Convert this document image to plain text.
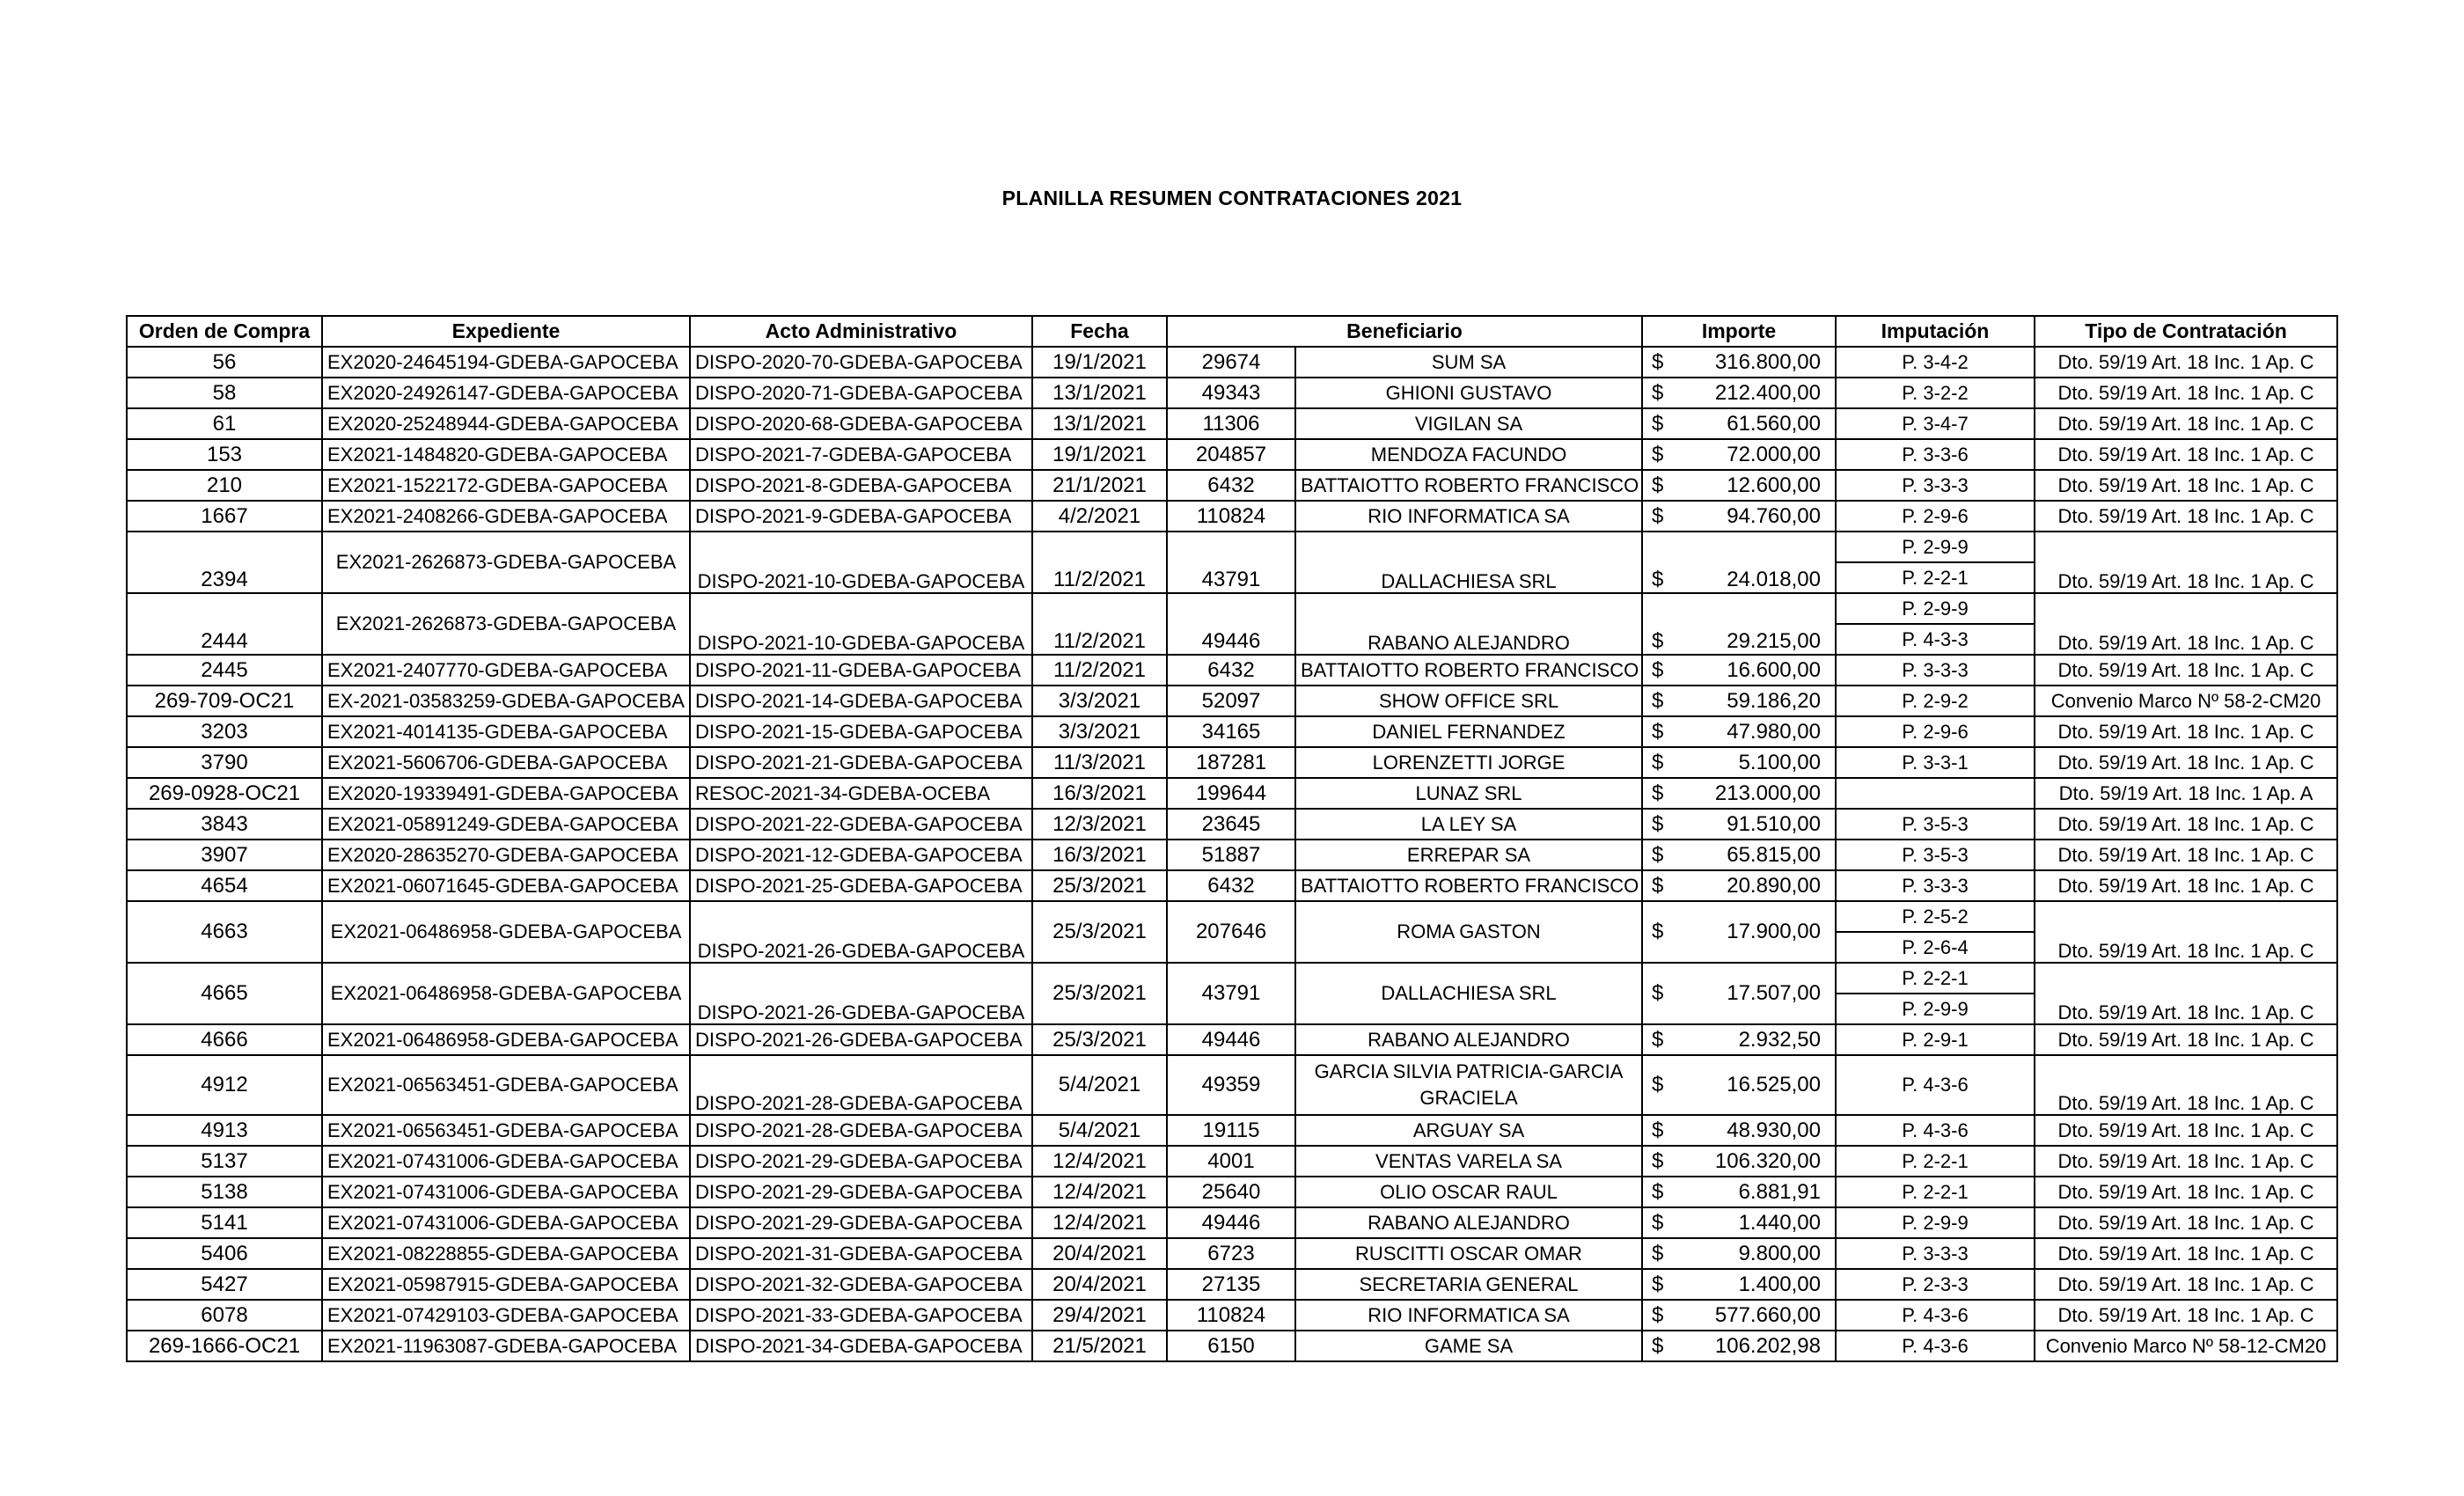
PLANILLA RESUMEN CONTRATACIONES 2021
Orden de Compra	Expediente	Acto Administrativo	Fecha	Beneficiario		Importe		Imputación	Tipo de Contratación
56	EX2020-24645194-GDEBA-GAPOCEBA	DISPO-2020-70-GDEBA-GAPOCEBA	19/1/2021	29674	SUM SA	$	316.800,00	P. 3-4-2	Dto. 59/19 Art. 18 Inc. 1 Ap. C
58	EX2020-24926147-GDEBA-GAPOCEBA	DISPO-2020-71-GDEBA-GAPOCEBA	13/1/2021	49343	GHIONI GUSTAVO	$	212.400,00	P. 3-2-2	Dto. 59/19 Art. 18 Inc. 1 Ap. C
61	EX2020-25248944-GDEBA-GAPOCEBA	DISPO-2020-68-GDEBA-GAPOCEBA	13/1/2021	11306	VIGILAN SA	$	61.560,00	P. 3-4-7	Dto. 59/19 Art. 18 Inc. 1 Ap. C
153	EX2021-1484820-GDEBA-GAPOCEBA	DISPO-2021-7-GDEBA-GAPOCEBA	19/1/2021	204857	MENDOZA FACUNDO	$	72.000,00	P. 3-3-6	Dto. 59/19 Art. 18 Inc. 1 Ap. C
210	EX2021-1522172-GDEBA-GAPOCEBA	DISPO-2021-8-GDEBA-GAPOCEBA	21/1/2021	6432	BATTAIOTTO ROBERTO FRANCISCO	$	12.600,00	P. 3-3-3	Dto. 59/19 Art. 18 Inc. 1 Ap. C
1667	EX2021-2408266-GDEBA-GAPOCEBA	DISPO-2021-9-GDEBA-GAPOCEBA	4/2/2021	110824	RIO INFORMATICA SA	$	94.760,00	P. 2-9-6	Dto. 59/19 Art. 18 Inc. 1 Ap. C
2394	EX2021-2626873-GDEBA-GAPOCEBA	DISPO-2021-10-GDEBA-GAPOCEBA	11/2/2021	43791	DALLACHIESA SRL	$	24.018,00	P. 2-9-9	Dto. 59/19 Art. 18 Inc. 1 Ap. C
								P. 2-2-1	
2444	EX2021-2626873-GDEBA-GAPOCEBA	DISPO-2021-10-GDEBA-GAPOCEBA	11/2/2021	49446	RABANO ALEJANDRO	$	29.215,00	P. 2-9-9	Dto. 59/19 Art. 18 Inc. 1 Ap. C
								P. 4-3-3	
2445	EX2021-2407770-GDEBA-GAPOCEBA	DISPO-2021-11-GDEBA-GAPOCEBA	11/2/2021	6432	BATTAIOTTO ROBERTO FRANCISCO	$	16.600,00	P. 3-3-3	Dto. 59/19 Art. 18 Inc. 1 Ap. C
269-709-OC21	EX-2021-03583259-GDEBA-GAPOCEBA	DISPO-2021-14-GDEBA-GAPOCEBA	3/3/2021	52097	SHOW OFFICE SRL	$	59.186,20	P. 2-9-2	Convenio Marco Nº 58-2-CM20
3203	EX2021-4014135-GDEBA-GAPOCEBA	DISPO-2021-15-GDEBA-GAPOCEBA	3/3/2021	34165	DANIEL FERNANDEZ	$	47.980,00	P. 2-9-6	Dto. 59/19 Art. 18 Inc. 1 Ap. C
3790	EX2021-5606706-GDEBA-GAPOCEBA	DISPO-2021-21-GDEBA-GAPOCEBA	11/3/2021	187281	LORENZETTI JORGE	$	5.100,00	P. 3-3-1	Dto. 59/19 Art. 18 Inc. 1 Ap. C
269-0928-OC21	EX2020-19339491-GDEBA-GAPOCEBA	RESOC-2021-34-GDEBA-OCEBA	16/3/2021	199644	LUNAZ SRL	$	213.000,00		Dto. 59/19 Art. 18 Inc. 1 Ap. A
3843	EX2021-05891249-GDEBA-GAPOCEBA	DISPO-2021-22-GDEBA-GAPOCEBA	12/3/2021	23645	LA LEY SA	$	91.510,00	P. 3-5-3	Dto. 59/19 Art. 18 Inc. 1 Ap. C
3907	EX2020-28635270-GDEBA-GAPOCEBA	DISPO-2021-12-GDEBA-GAPOCEBA	16/3/2021	51887	ERREPAR SA	$	65.815,00	P. 3-5-3	Dto. 59/19 Art. 18 Inc. 1 Ap. C
4654	EX2021-06071645-GDEBA-GAPOCEBA	DISPO-2021-25-GDEBA-GAPOCEBA	25/3/2021	6432	BATTAIOTTO ROBERTO FRANCISCO	$	20.890,00	P. 3-3-3	Dto. 59/19 Art. 18 Inc. 1 Ap. C
4663	EX2021-06486958-GDEBA-GAPOCEBA	DISPO-2021-26-GDEBA-GAPOCEBA	25/3/2021	207646	ROMA GASTON	$	17.900,00	P. 2-5-2	Dto. 59/19 Art. 18 Inc. 1 Ap. C
								P. 2-6-4	
4665	EX2021-06486958-GDEBA-GAPOCEBA	DISPO-2021-26-GDEBA-GAPOCEBA	25/3/2021	43791	DALLACHIESA SRL	$	17.507,00	P. 2-2-1	Dto. 59/19 Art. 18 Inc. 1 Ap. C
								P. 2-9-9	
4666	EX2021-06486958-GDEBA-GAPOCEBA	DISPO-2021-26-GDEBA-GAPOCEBA	25/3/2021	49446	RABANO ALEJANDRO	$	2.932,50	P. 2-9-1	Dto. 59/19 Art. 18 Inc. 1 Ap. C
4912	EX2021-06563451-GDEBA-GAPOCEBA	DISPO-2021-28-GDEBA-GAPOCEBA	5/4/2021	49359	GARCIA SILVIA PATRICIA-GARCIA GRACIELA	$	16.525,00	P. 4-3-6	Dto. 59/19 Art. 18 Inc. 1 Ap. C
4913	EX2021-06563451-GDEBA-GAPOCEBA	DISPO-2021-28-GDEBA-GAPOCEBA	5/4/2021	19115	ARGUAY SA	$	48.930,00	P. 4-3-6	Dto. 59/19 Art. 18 Inc. 1 Ap. C
5137	EX2021-07431006-GDEBA-GAPOCEBA	DISPO-2021-29-GDEBA-GAPOCEBA	12/4/2021	4001	VENTAS VARELA SA	$	106.320,00	P. 2-2-1	Dto. 59/19 Art. 18 Inc. 1 Ap. C
5138	EX2021-07431006-GDEBA-GAPOCEBA	DISPO-2021-29-GDEBA-GAPOCEBA	12/4/2021	25640	OLIO OSCAR RAUL	$	6.881,91	P. 2-2-1	Dto. 59/19 Art. 18 Inc. 1 Ap. C
5141	EX2021-07431006-GDEBA-GAPOCEBA	DISPO-2021-29-GDEBA-GAPOCEBA	12/4/2021	49446	RABANO ALEJANDRO	$	1.440,00	P. 2-9-9	Dto. 59/19 Art. 18 Inc. 1 Ap. C
5406	EX2021-08228855-GDEBA-GAPOCEBA	DISPO-2021-31-GDEBA-GAPOCEBA	20/4/2021	6723	RUSCITTI OSCAR OMAR	$	9.800,00	P. 3-3-3	Dto. 59/19 Art. 18 Inc. 1 Ap. C
5427	EX2021-05987915-GDEBA-GAPOCEBA	DISPO-2021-32-GDEBA-GAPOCEBA	20/4/2021	27135	SECRETARIA GENERAL	$	1.400,00	P. 2-3-3	Dto. 59/19 Art. 18 Inc. 1 Ap. C
6078	EX2021-07429103-GDEBA-GAPOCEBA	DISPO-2021-33-GDEBA-GAPOCEBA	29/4/2021	110824	RIO INFORMATICA SA	$	577.660,00	P. 4-3-6	Dto. 59/19 Art. 18 Inc. 1 Ap. C
269-1666-OC21	EX2021-11963087-GDEBA-GAPOCEBA	DISPO-2021-34-GDEBA-GAPOCEBA	21/5/2021	6150	GAME SA	$	106.202,98	P. 4-3-6	Convenio Marco Nº 58-12-CM20
